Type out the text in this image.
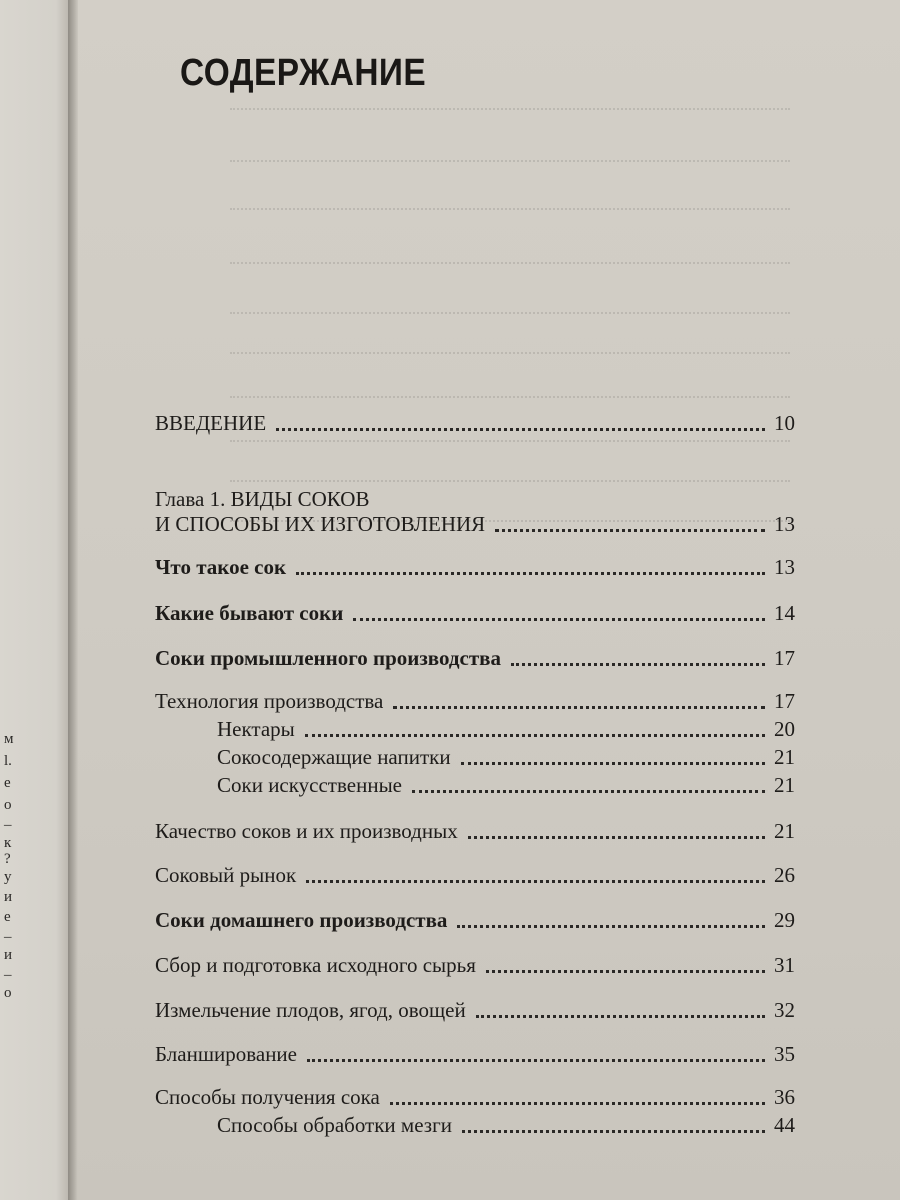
м
l.
е
о
–
к
?
у
и
е
–
и
–
о
СОДЕРЖАНИЕ
ВВЕДЕНИЕ	10
Глава 1. ВИДЫ СОКОВ
И СПОСОБЫ ИХ ИЗГОТОВЛЕНИЯ	13
Что такое сок	13
Какие бывают соки	14
Соки промышленного производства	17
Технология производства	17
Нектары	20
Сокосодержащие напитки	21
Соки искусственные	21
Качество соков и их производных	21
Соковый рынок	26
Соки домашнего производства	29
Сбор и подготовка исходного сырья	31
Измельчение плодов, ягод, овощей	32
Бланширование	35
Способы получения сока	36
Способы обработки мезги	44
